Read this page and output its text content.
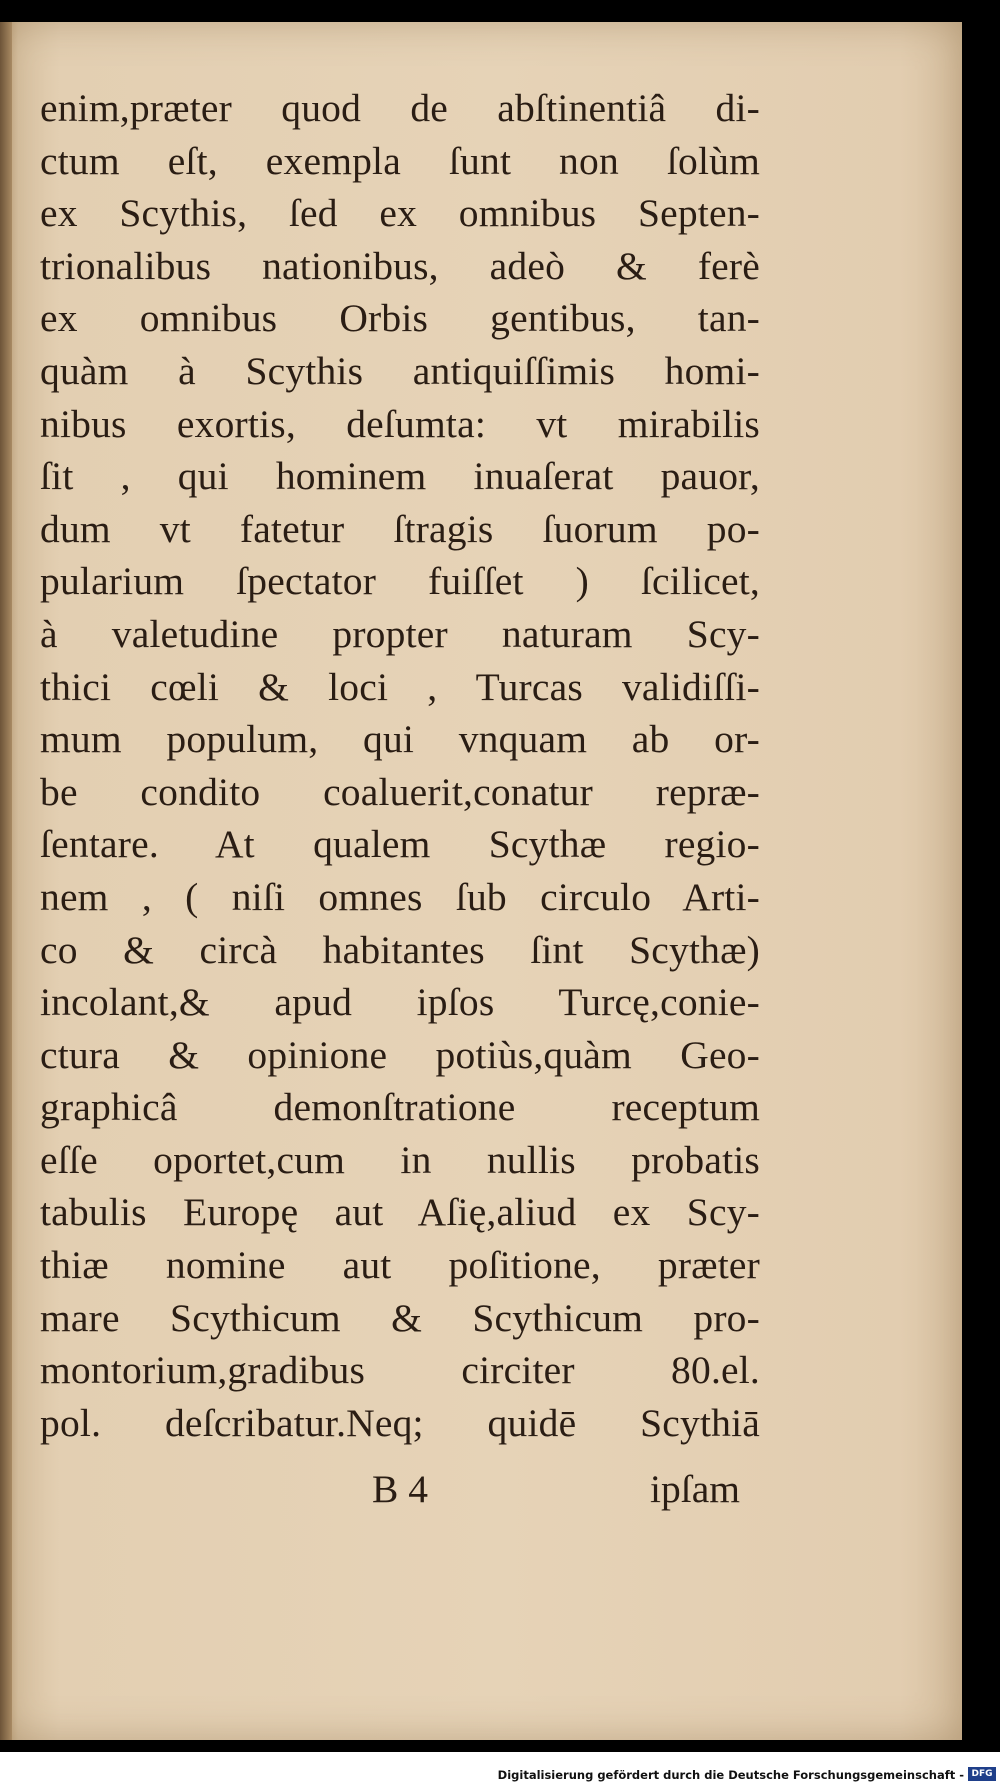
enim,præter quod de abſtinentiâ di-
ctum eſt, exempla ſunt non ſolùm
ex Scythis, ſed ex omnibus Septen-
trionalibus nationibus, adeò & ferè
ex omnibus Orbis gentibus, tan-
quàm à Scythis antiquiſſimis homi-
nibus exortis, deſumta: vt mirabilis
ſit , qui hominem inuaſerat pauor,
dum vt fatetur ſtragis ſuorum po-
pularium ſpectator fuiſſet ) ſcilicet,
à valetudine propter naturam Scy-
thici cœli & loci , Turcas validiſſi-
mum populum, qui vnquam ab or-
be condito coaluerit,conatur repræ-
ſentare. At qualem Scythæ regio-
nem , ( niſi omnes ſub circulo Arti-
co & circà habitantes ſint Scythæ)
incolant,& apud ipſos Turcę,conie-
ctura & opinione potiùs,quàm Geo-
graphicâ demonſtratione receptum
eſſe oportet,cum in nullis probatis
tabulis Europę aut Aſię,aliud ex Scy-
thiæ nomine aut poſitione, præter
mare Scythicum & Scythicum pro-
montorium,gradibus circiter 80.el.
pol. deſcribatur.Neq; quidē Scythiā
B 4	ipſam
Digitalisierung gefördert durch die Deutsche Forschungsgemeinschaft - DFG
